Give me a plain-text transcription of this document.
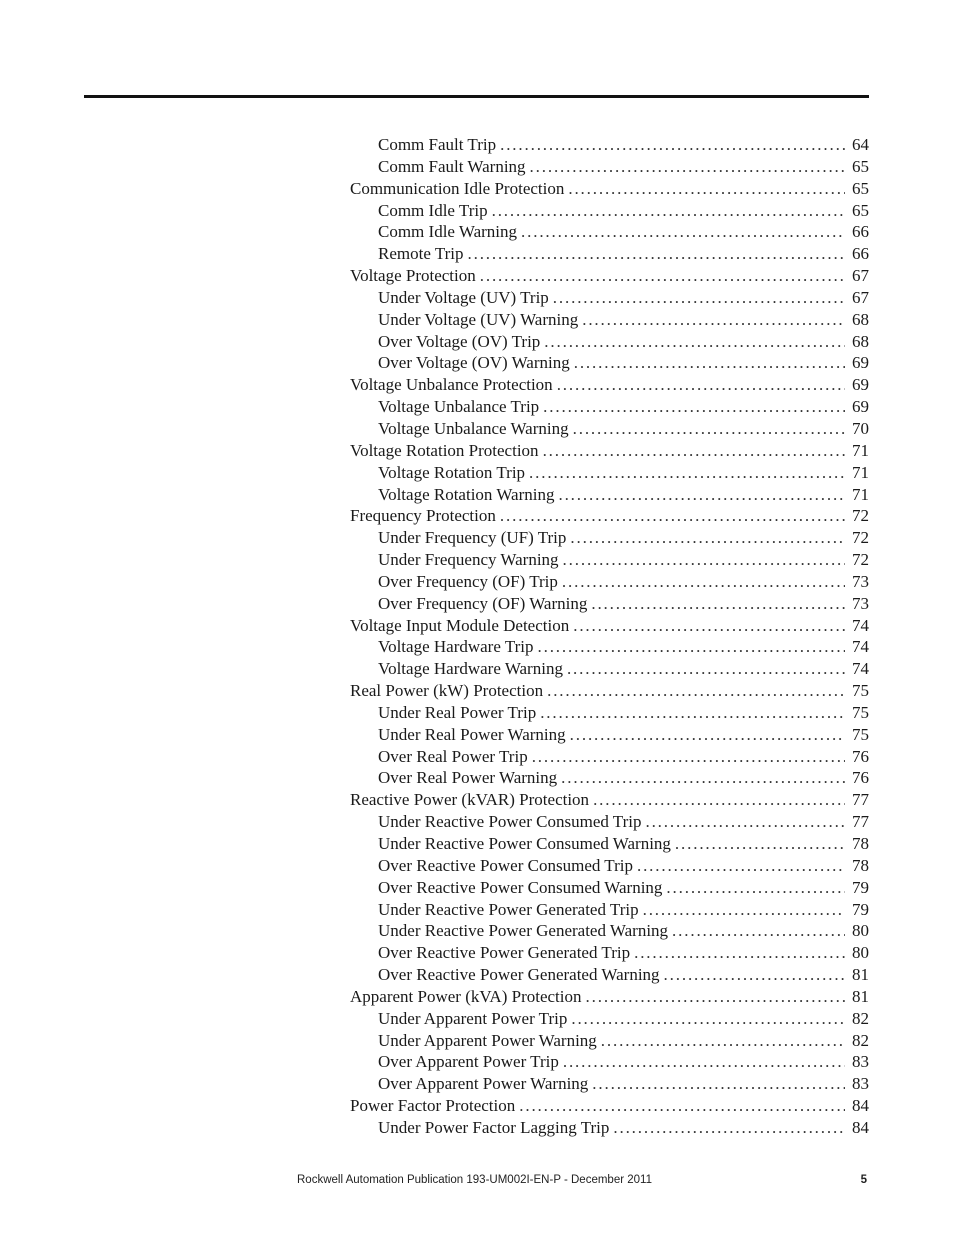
Comm Fault Trip . . .	64
Comm Fault Warning . . .	65
Communication Idle Protection . . .	65
Comm Idle Trip . . .	65
Comm Idle Warning . . .	66
Remote Trip . . .	66
Voltage Protection . . .	67
Under Voltage (UV) Trip . . .	67
Under Voltage (UV) Warning . . .	68
Over Voltage (OV) Trip . . .	68
Over Voltage (OV) Warning . . .	69
Voltage Unbalance Protection . . .	69
Voltage Unbalance Trip . . .	69
Voltage Unbalance Warning . . .	70
Voltage Rotation Protection . . .	71
Voltage Rotation Trip . . .	71
Voltage Rotation Warning . . .	71
Frequency Protection . . .	72
Under Frequency (UF) Trip . . .	72
Under Frequency Warning . . .	72
Over Frequency (OF) Trip . . .	73
Over Frequency (OF) Warning . . .	73
Voltage Input Module Detection . . .	74
Voltage Hardware Trip . . .	74
Voltage Hardware Warning . . .	74
Real Power (kW) Protection . . .	75
Under Real Power Trip . . .	75
Under Real Power Warning . . .	75
Over Real Power Trip . . .	76
Over Real Power Warning . . .	76
Reactive Power (kVAR) Protection . . .	77
Under Reactive Power Consumed Trip . . .	77
Under Reactive Power Consumed Warning . . .	78
Over Reactive Power Consumed Trip . . .	78
Over Reactive Power Consumed Warning . . .	79
Under Reactive Power Generated Trip . . .	79
Under Reactive Power Generated Warning . . .	80
Over Reactive Power Generated Trip . . .	80
Over Reactive Power Generated Warning . . .	81
Apparent Power (kVA) Protection . . .	81
Under Apparent Power Trip . . .	82
Under Apparent Power Warning . . .	82
Over Apparent Power Trip . . .	83
Over Apparent Power Warning . . .	83
Power Factor Protection . . .	84
Under Power Factor Lagging Trip . . .	84
Rockwell Automation Publication 193-UM002I-EN-P - December 2011	5
